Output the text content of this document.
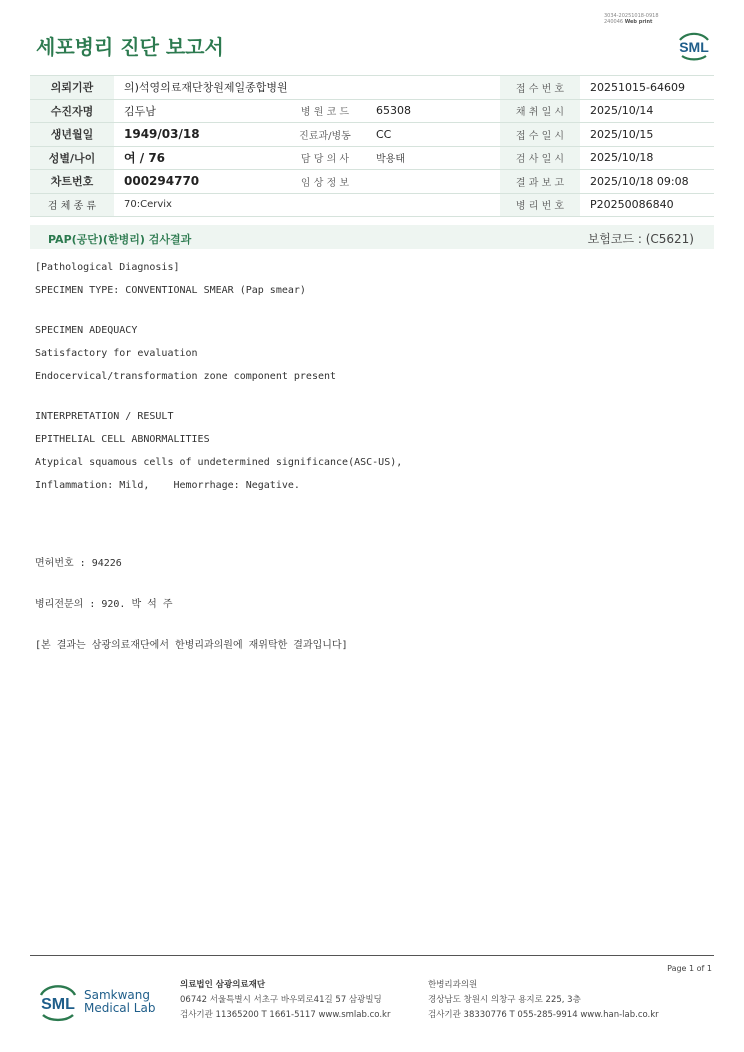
3034-20251018-0918
240046 Web print
세포병리 진단 보고서	SML
의뢰기관	의)석영의료재단창원제일종합병원			접 수 번 호	20251015-64609
수진자명	김두남	병 원 코 드	65308	채 취 일 시	2025/10/14
생년월일	1949/03/18	진료과/병동	CC	접 수 일 시	2025/10/15
성별/나이	여 / 76	담 당 의 사	박용태	검 사 일 시	2025/10/18
차트번호	000294770	임 상 정 보		결 과 보 고	2025/10/18 09:08
검 체 종 류	70:Cervix			병 리 번 호	P20250086840
PAP(공단)(한병리) 검사결과	보험코드 : (C5621)
[Pathological Diagnosis]
SPECIMEN TYPE: CONVENTIONAL SMEAR (Pap smear)
SPECIMEN ADEQUACY
Satisfactory for evaluation
Endocervical/transformation zone component present
INTERPRETATION / RESULT
EPITHELIAL CELL ABNORMALITIES
Atypical squamous cells of undetermined significance(ASC-US),
Inflammation: Mild,    Hemorrhage: Negative.
면허번호 : 94226
병리전문의 : 920. 박 석 주
[본 결과는 삼광의료재단에서 한병리과의원에 재위탁한 결과입니다]
Page 1 of 1
SML
Samkwang
Medical Lab
의료법인 삼광의료재단
06742 서울특별시 서초구 바우뫼로41길 57 삼광빌딩
검사기관 11365200 T 1661-5117 www.smlab.co.kr
한병리과의원
경상남도 창원시 의창구 용지로 225, 3층
검사기관 38330776 T 055-285-9914 www.han-lab.co.kr
